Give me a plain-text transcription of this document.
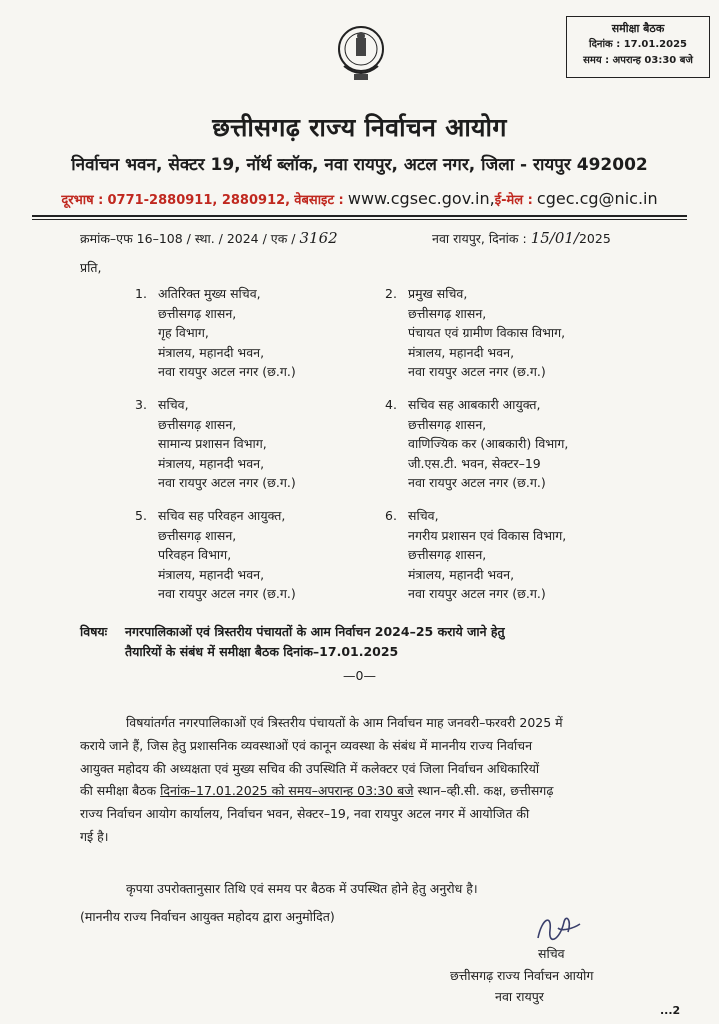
समीक्षा बैठक
दिनांक : 17.01.2025
समय : अपरान्ह 03:30 बजे
छत्तीसगढ़ राज्य निर्वाचन आयोग
निर्वाचन भवन, सेक्टर 19, नॉर्थ ब्लॉक, नवा रायपुर, अटल नगर, जिला - रायपुर 492002
दूरभाष : 0771-2880911, 2880912, वेबसाइट : www.cgsec.gov.in,ई-मेल : cgec.cg@nic.in
क्रमांक–एफ 16–108 / स्था. / 2024 / एक / 3162	नवा रायपुर, दिनांक : 15/01/2025
प्रति,
1. अतिरिक्त मुख्य सचिव,
छत्तीसगढ़ शासन,
गृह विभाग,
मंत्रालय, महानदी भवन,
नवा रायपुर अटल नगर (छ.ग.)
2. प्रमुख सचिव,
छत्तीसगढ़ शासन,
पंचायत एवं ग्रामीण विकास विभाग,
मंत्रालय, महानदी भवन,
नवा रायपुर अटल नगर (छ.ग.)
3. सचिव,
छत्तीसगढ़ शासन,
सामान्य प्रशासन विभाग,
मंत्रालय, महानदी भवन,
नवा रायपुर अटल नगर (छ.ग.)
4. सचिव सह आबकारी आयुक्त,
छत्तीसगढ़ शासन,
वाणिज्यिक कर (आबकारी) विभाग,
जी.एस.टी. भवन, सेक्टर–19
नवा रायपुर अटल नगर (छ.ग.)
5. सचिव सह परिवहन आयुक्त,
छत्तीसगढ़ शासन,
परिवहन विभाग,
मंत्रालय, महानदी भवन,
नवा रायपुर अटल नगर (छ.ग.)
6. सचिव,
नगरीय प्रशासन एवं विकास विभाग,
छत्तीसगढ़ शासन,
मंत्रालय, महानदी भवन,
नवा रायपुर अटल नगर (छ.ग.)
विषयः नगरपालिकाओं एवं त्रिस्तरीय पंचायतों के आम निर्वाचन 2024–25 कराये जाने हेतु
तैयारियों के संबंध में समीक्षा बैठक दिनांक–17.01.2025
—0—
विषयांतर्गत नगरपालिकाओं एवं त्रिस्तरीय पंचायतों के आम निर्वाचन माह जनवरी–फरवरी 2025 में
कराये जाने हैं, जिस हेतु प्रशासनिक व्यवस्थाओं एवं कानून व्यवस्था के संबंध में माननीय राज्य निर्वाचन
आयुक्त महोदय की अध्यक्षता एवं मुख्य सचिव की उपस्थिति में कलेक्टर एवं जिला निर्वाचन अधिकारियों
की समीक्षा बैठक दिनांक–17.01.2025 को समय–अपरान्ह 03:30 बजे स्थान–व्ही.सी. कक्ष, छत्तीसगढ़
राज्य निर्वाचन आयोग कार्यालय, निर्वाचन भवन, सेक्टर–19, नवा रायपुर अटल नगर में आयोजित की
गई है।
कृपया उपरोक्तानुसार तिथि एवं समय पर बैठक में उपस्थित होने हेतु अनुरोध है।
(माननीय राज्य निर्वाचन आयुक्त महोदय द्वारा अनुमोदित)
सचिव
छत्तीसगढ़ राज्य निर्वाचन आयोग
नवा रायपुर
...2
